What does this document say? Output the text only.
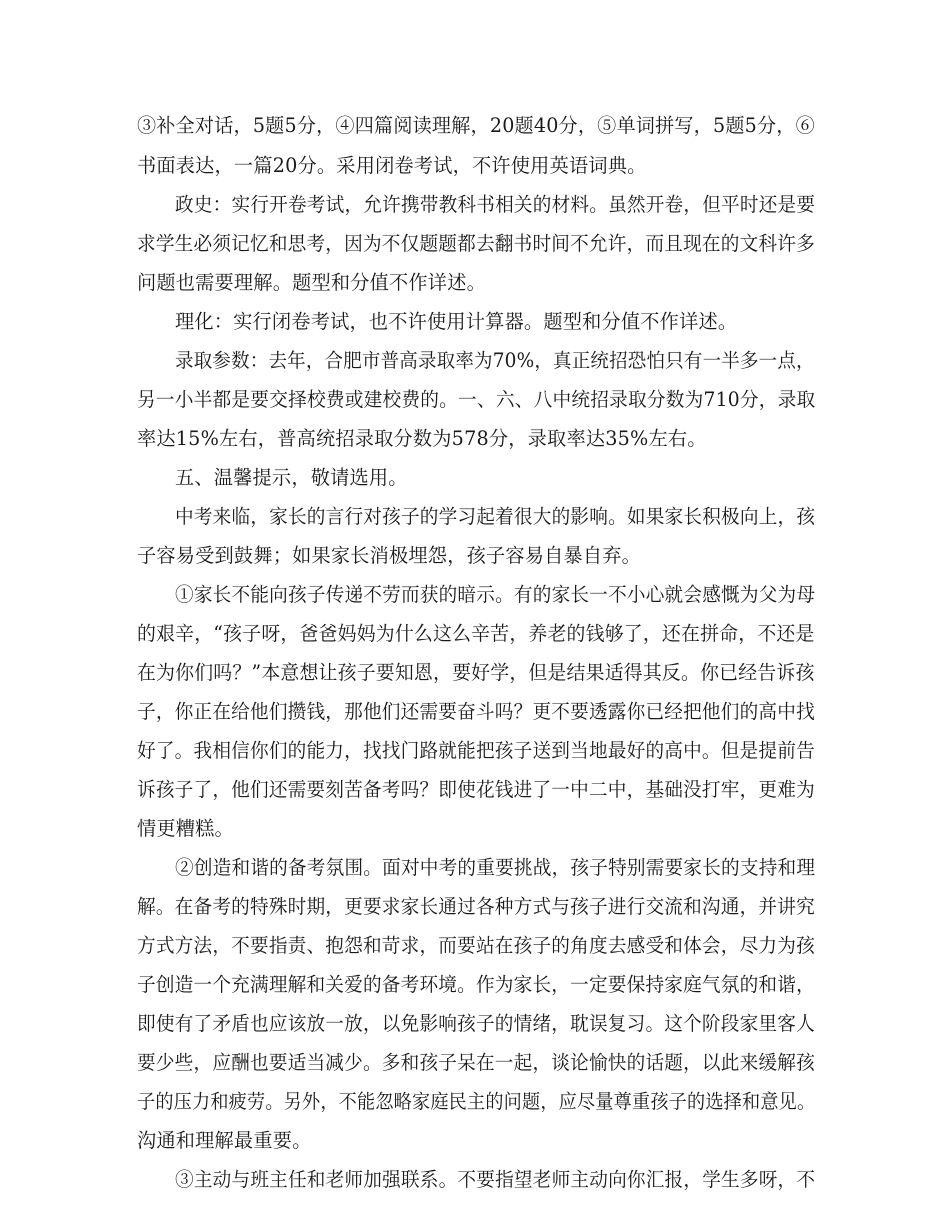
③补全对话，5题5分，④四篇阅读理解，20题40分，⑤单词拼写，5题5分，⑥
书面表达，一篇20分。采用闭卷考试，不许使用英语词典。
政史：实行开卷考试，允许携带教科书相关的材料。虽然开卷，但平时还是要
求学生必须记忆和思考，因为不仅题题都去翻书时间不允许，而且现在的文科许多
问题也需要理解。题型和分值不作详述。
理化：实行闭卷考试，也不许使用计算器。题型和分值不作详述。
录取参数：去年，合肥市普高录取率为70%，真正统招恐怕只有一半多一点，
另一小半都是要交择校费或建校费的。一、六、八中统招录取分数为710分，录取
率达15%左右，普高统招录取分数为578分，录取率达35%左右。
五、温馨提示，敬请选用。
中考来临，家长的言行对孩子的学习起着很大的影响。如果家长积极向上，孩
子容易受到鼓舞；如果家长消极埋怨，孩子容易自暴自弃。
①家长不能向孩子传递不劳而获的暗示。有的家长一不小心就会感慨为父为母
的艰辛，“孩子呀，爸爸妈妈为什么这么辛苦，养老的钱够了，还在拼命，不还是
在为你们吗？”本意想让孩子要知恩，要好学，但是结果适得其反。你已经告诉孩
子，你正在给他们攒钱，那他们还需要奋斗吗？更不要透露你已经把他们的高中找
好了。我相信你们的能力，找找门路就能把孩子送到当地最好的高中。但是提前告
诉孩子了，他们还需要刻苦备考吗？即使花钱进了一中二中，基础没打牢，更难为
情更糟糕。
②创造和谐的备考氛围。面对中考的重要挑战，孩子特别需要家长的支持和理
解。在备考的特殊时期，更要求家长通过各种方式与孩子进行交流和沟通，并讲究
方式方法，不要指责、抱怨和苛求，而要站在孩子的角度去感受和体会，尽力为孩
子创造一个充满理解和关爱的备考环境。作为家长，一定要保持家庭气氛的和谐，
即使有了矛盾也应该放一放，以免影响孩子的情绪，耽误复习。这个阶段家里客人
要少些，应酬也要适当减少。多和孩子呆在一起，谈论愉快的话题，以此来缓解孩
子的压力和疲劳。另外，不能忽略家庭民主的问题，应尽量尊重孩子的选择和意见。
沟通和理解最重要。
③主动与班主任和老师加强联系。不要指望老师主动向你汇报，学生多呀，不
